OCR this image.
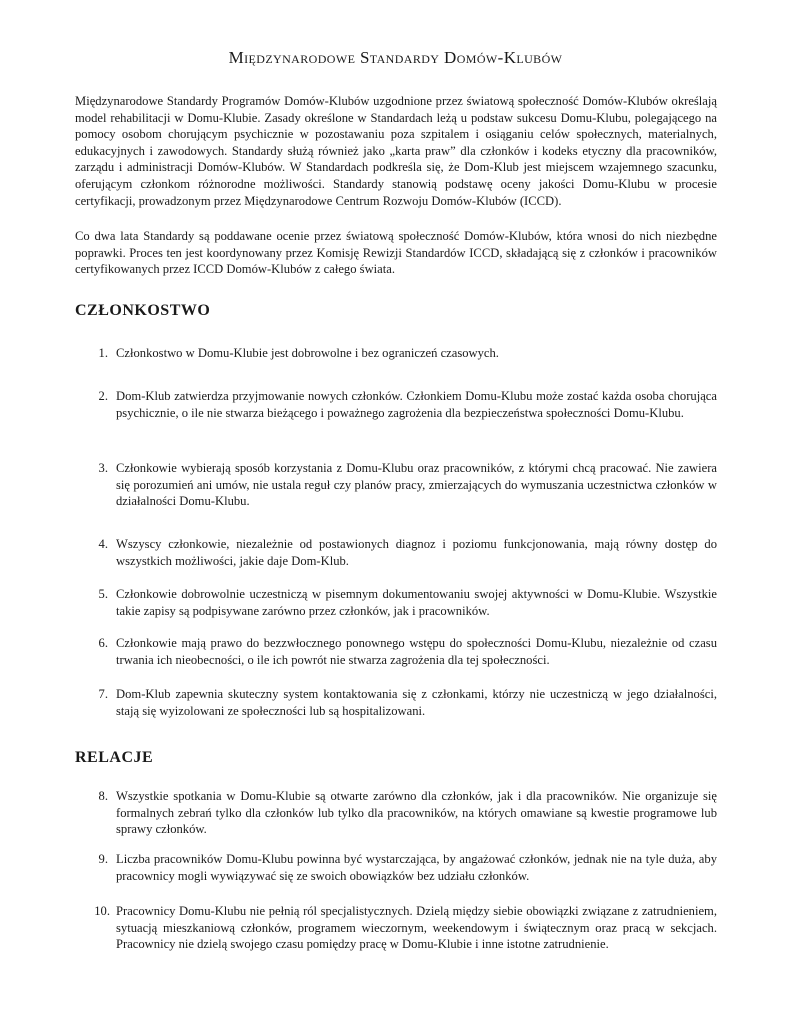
Międzynarodowe Standardy Domów-Klubów

Międzynarodowe Standardy Programów Domów-Klubów uzgodnione przez światową społeczność Domów-Klubów określają model rehabilitacji w Domu-Klubie. Zasady określone w Standardach leżą u podstaw sukcesu Domu-Klubu, polegającego na pomocy osobom chorującym psychicznie w pozostawaniu poza szpitalem i osiąganiu celów społecznych, materialnych, edukacyjnych i zawodowych. Standardy służą również jako „karta praw” dla członków i kodeks etyczny dla pracowników, zarządu i administracji Domów-Klubów. W Standardach podkreśla się, że Dom-Klub jest miejscem wzajemnego szacunku, oferującym członkom różnorodne możliwości. Standardy stanowią podstawę oceny jakości Domu-Klubu w procesie certyfikacji, prowadzonym przez Międzynarodowe Centrum Rozwoju Domów-Klubów (ICCD).

Co dwa lata Standardy są poddawane ocenie przez światową społeczność Domów-Klubów, która wnosi do nich niezbędne poprawki. Proces ten jest koordynowany przez Komisję Rewizji Standardów ICCD, składającą się z członków i pracowników certyfikowanych przez ICCD Domów-Klubów z całego świata.

CZŁONKOSTWO
1. Członkostwo w Domu-Klubie jest dobrowolne i bez ograniczeń czasowych.
2. Dom-Klub zatwierdza przyjmowanie nowych członków. Członkiem Domu-Klubu może zostać każda osoba chorująca psychicznie, o ile nie stwarza bieżącego i poważnego zagrożenia dla bezpieczeństwa społeczności Domu-Klubu.
3. Członkowie wybierają sposób korzystania z Domu-Klubu oraz pracowników, z którymi chcą pracować. Nie zawiera się porozumień ani umów, nie ustala reguł czy planów pracy, zmierzających do wymuszania uczestnictwa członków w działalności Domu-Klubu.
4. Wszyscy członkowie, niezależnie od postawionych diagnoz i poziomu funkcjonowania, mają równy dostęp do wszystkich możliwości, jakie daje Dom-Klub.
5. Członkowie dobrowolnie uczestniczą w pisemnym dokumentowaniu swojej aktywności w Domu-Klubie. Wszystkie takie zapisy są podpisywane zarówno przez członków, jak i pracowników.
6. Członkowie mają prawo do bezzwłocznego ponownego wstępu do społeczności Domu-Klubu, niezależnie od czasu trwania ich nieobecności, o ile ich powrót nie stwarza zagrożenia dla tej społeczności.
7. Dom-Klub zapewnia skuteczny system kontaktowania się z członkami, którzy nie uczestniczą w jego działalności, stają się wyizolowani ze społeczności lub są hospitalizowani.
RELACJE
8. Wszystkie spotkania w Domu-Klubie są otwarte zarówno dla członków, jak i dla pracowników. Nie organizuje się formalnych zebrań tylko dla członków lub tylko dla pracowników, na których omawiane są kwestie programowe lub sprawy członków.
9. Liczba pracowników Domu-Klubu powinna być wystarczająca, by angażować członków, jednak nie na tyle duża, aby pracownicy mogli wywiązywać się ze swoich obowiązków bez udziału członków.
10. Pracownicy Domu-Klubu nie pełnią ról specjalistycznych. Dzielą między siebie obowiązki związane z zatrudnieniem, sytuacją mieszkaniową członków, programem wieczornym, weekendowym i świątecznym oraz pracą w sekcjach. Pracownicy nie dzielą swojego czasu pomiędzy pracę w Domu-Klubie i inne istotne zatrudnienie.
